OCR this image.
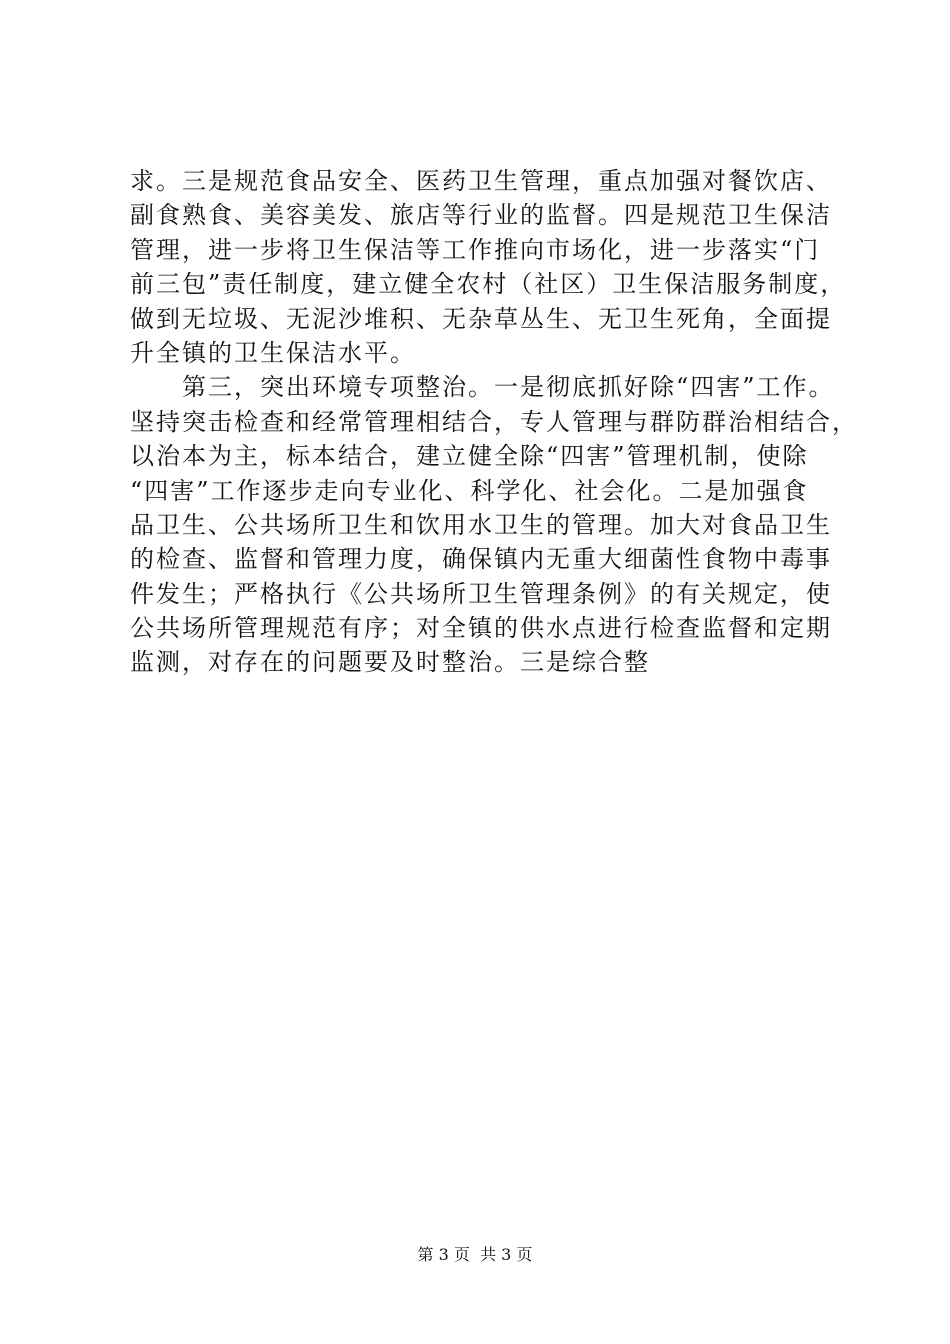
求。三是规范食品安全、医药卫生管理，重点加强对餐饮店、
副食熟食、美容美发、旅店等行业的监督。四是规范卫生保洁
管理，进一步将卫生保洁等工作推向市场化，进一步落实“门
前三包”责任制度，建立健全农村（社区）卫生保洁服务制度，
做到无垃圾、无泥沙堆积、无杂草丛生、无卫生死角，全面提
升全镇的卫生保洁水平。
　　第三，突出环境专项整治。一是彻底抓好除“四害”工作。
坚持突击检查和经常管理相结合，专人管理与群防群治相结合，
以治本为主，标本结合，建立健全除“四害”管理机制，使除
“四害”工作逐步走向专业化、科学化、社会化。二是加强食
品卫生、公共场所卫生和饮用水卫生的管理。加大对食品卫生
的检查、监督和管理力度，确保镇内无重大细菌性食物中毒事
件发生；严格执行《公共场所卫生管理条例》的有关规定，使
公共场所管理规范有序；对全镇的供水点进行检查监督和定期
监测，对存在的问题要及时整治。三是综合整
第 3 页  共 3 页
